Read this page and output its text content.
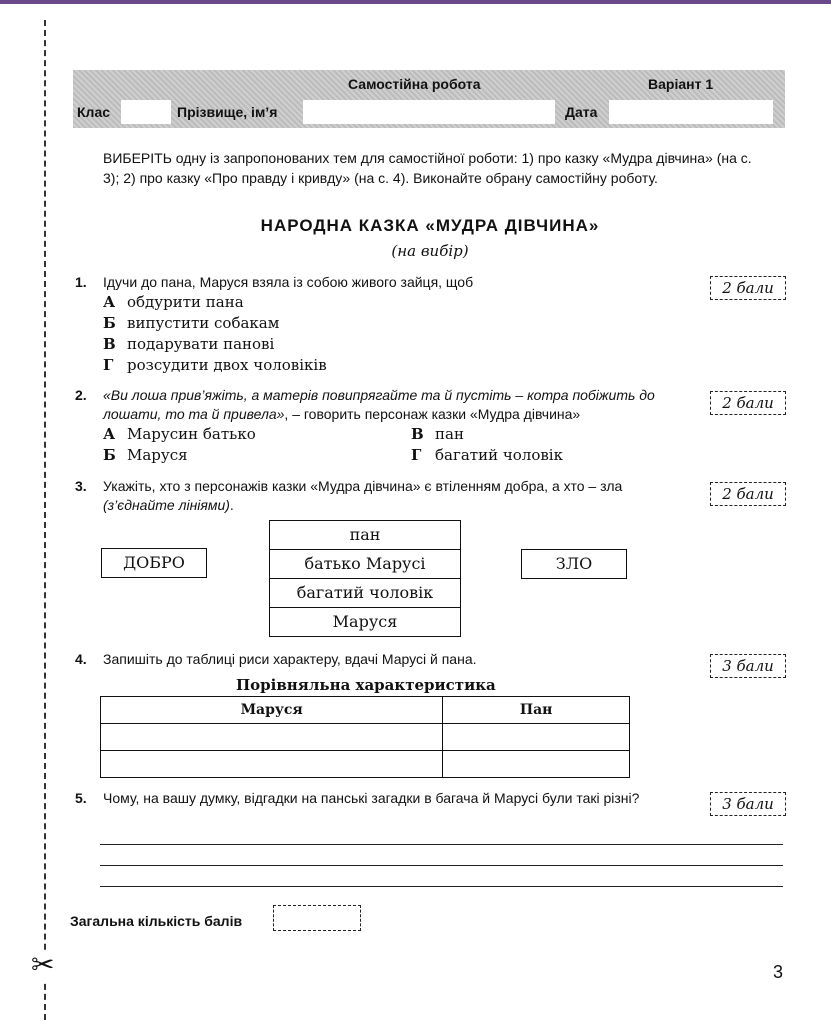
✂
Самостійна робота	Варіант 1
Клас	Прізвище, ім’я	Дата
ВИБЕРІТЬ одну із запропонованих тем для самостійної роботи: 1) про казку «Мудра дівчина» (на с. 3); 2) про казку «Про правду і кривду» (на с. 4). Виконайте обрану самостійну роботу.
НАРОДНА КАЗКА «МУДРА ДІВЧИНА»
(на вибір)
1. Ідучи до пана, Маруся взяла із собою живого зайця, щоб	2 бали
А обдурити пана
Б випустити собакам
В подарувати панові
Г розсудити двох чоловіків
2. «Ви лоша прив’яжіть, а матерів повипрягайте та й пустіть – котра побіжить до лошати, то та й привела», – говорить персонаж казки «Мудра дівчина»
2 бали
А Марусин батько
Б Маруся
В пан
Г багатий чоловік
3. Укажіть, хто з персонажів казки «Мудра дівчина» є втіленням добра, а хто – зла (з’єднайте лініями).
2 бали
ДОБРО	ЗЛО
пан
батько Марусі
багатий чоловік
Маруся
4. Запишіть до таблиці риси характеру, вдачі Марусі й пана.	3 бали
Порівняльна характеристика
Маруся	Пан

5. Чому, на вашу думку, відгадки на панські загадки в багача й Марусі були такі різні?	3 бали
Загальна кількість балів
3
